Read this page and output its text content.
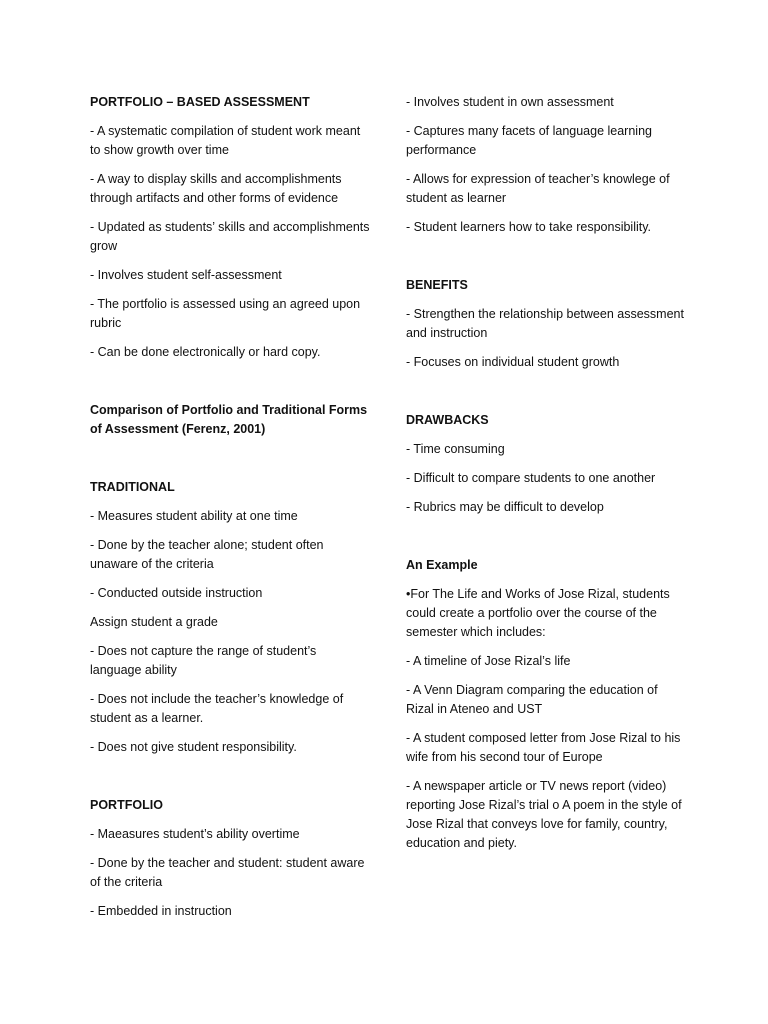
PORTFOLIO – BASED ASSESSMENT

- A systematic compilation of student work meant to show growth over time

- A way to display skills and accomplishments through artifacts and other forms of evidence

- Updated as students’ skills and accomplishments grow

- Involves student self-assessment

- The portfolio is assessed using an agreed upon rubric

- Can be done electronically or hard copy.

Comparison of Portfolio and Traditional Forms of Assessment (Ferenz, 2001)
TRADITIONAL

- Measures student ability at one time

- Done by the teacher alone; student often unaware of the criteria

- Conducted outside instruction

Assign student a grade

- Does not capture the range of student’s language ability

- Does not include the teacher’s knowledge of student as a learner.

- Does not give student responsibility.

PORTFOLIO

- Maeasures student’s ability overtime

- Done by the teacher and student: student aware of the criteria

- Embedded in instruction

- Involves student in own assessment

- Captures many facets of language learning performance

- Allows for expression of teacher’s knowlege of student as learner

- Student learners how to take responsibility.

BENEFITS

- Strengthen the relationship between assessment and instruction

- Focuses on individual student growth

DRAWBACKS

- Time consuming

- Difficult to compare students to one another

- Rubrics may be difficult to develop

An Example

•For The Life and Works of Jose Rizal, students could create a portfolio over the course of the semester which includes:

- A timeline of Jose Rizal’s life

- A Venn Diagram comparing the education of Rizal in Ateneo and UST

- A student composed letter from Jose Rizal to his wife from his second tour of Europe

- A newspaper article or TV news report (video) reporting Jose Rizal’s trial o A poem in the style of Jose Rizal that conveys love for family, country, education and piety.
